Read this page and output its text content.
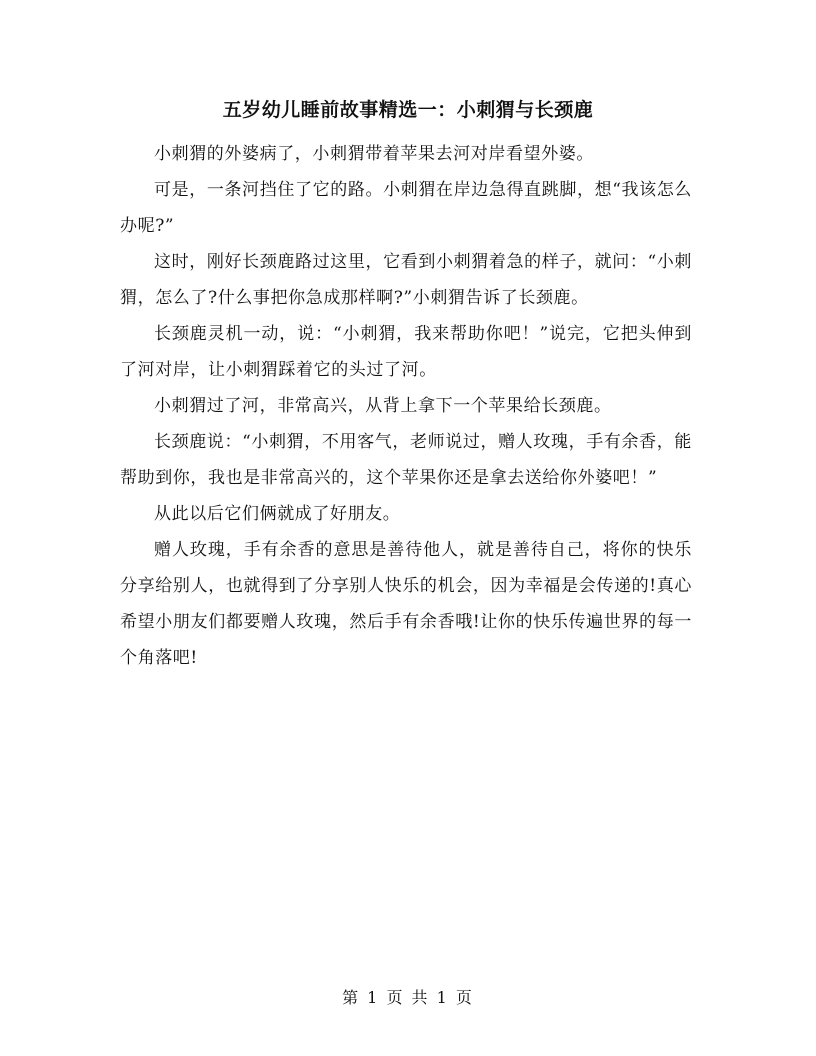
五岁幼儿睡前故事精选一：小刺猬与长颈鹿

小刺猬的外婆病了，小刺猬带着苹果去河对岸看望外婆。

可是，一条河挡住了它的路。小刺猬在岸边急得直跳脚，想“我该怎么办呢?”

这时，刚好长颈鹿路过这里，它看到小刺猬着急的样子，就问：“小刺猬，怎么了?什么事把你急成那样啊?”小刺猬告诉了长颈鹿。

长颈鹿灵机一动，说：“小刺猬，我来帮助你吧！”说完，它把头伸到了河对岸，让小刺猬踩着它的头过了河。

小刺猬过了河，非常高兴，从背上拿下一个苹果给长颈鹿。

长颈鹿说：“小刺猬，不用客气，老师说过，赠人玫瑰，手有余香，能帮助到你，我也是非常高兴的，这个苹果你还是拿去送给你外婆吧！”

从此以后它们俩就成了好朋友。

赠人玫瑰，手有余香的意思是善待他人，就是善待自己，将你的快乐分享给别人，也就得到了分享别人快乐的机会，因为幸福是会传递的!真心希望小朋友们都要赠人玫瑰，然后手有余香哦!让你的快乐传遍世界的每一个角落吧!

第 1 页 共 1 页
